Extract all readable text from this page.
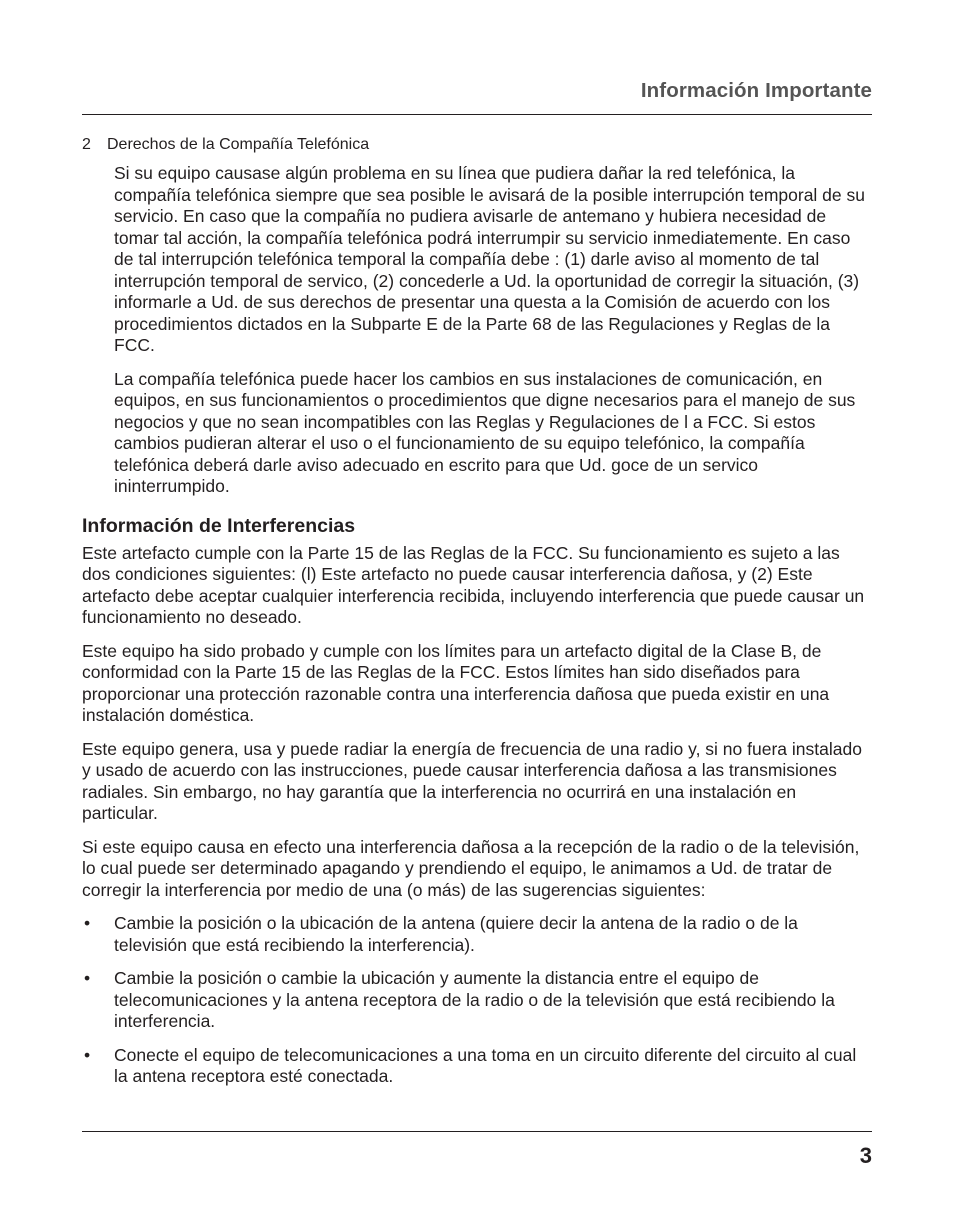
Información Importante
2 Derechos de la Compañía Telefónica

Si su equipo causase algún problema en su línea que pudiera dañar la red telefónica, la compañía telefónica siempre que sea posible le avisará de la posible interrupción temporal de su servicio. En caso que la compañía no pudiera avisarle de antemano y hubiera necesidad de tomar tal acción, la compañía telefónica podrá interrumpir su servicio inmediatemente. En caso de tal interrupción telefónica temporal la compañía debe : (1) darle aviso al momento de tal interrupción temporal de servico, (2) concederle a Ud. la oportunidad de corregir la situación, (3) informarle a Ud. de sus derechos de presentar una questa a la Comisión de acuerdo con los procedimientos dictados en la Subparte E de la Parte 68 de las Regulaciones y Reglas de la FCC.

La compañía telefónica puede hacer los cambios en sus instalaciones de comunicación, en equipos, en sus funcionamientos o procedimientos que digne necesarios para el manejo de sus negocios y que no sean incompatibles con las Reglas y Regulaciones de l a FCC. Si estos cambios pudieran alterar el uso o el funcionamiento de su equipo telefónico, la compañía telefónica deberá darle aviso adecuado en escrito para que Ud. goce de un servico ininterrumpido.

Información de Interferencias

Este artefacto cumple con la Parte 15 de las Reglas de la FCC. Su funcionamiento es sujeto a las dos condiciones siguientes: (l) Este artefacto no puede causar interferencia dañosa, y (2) Este artefacto debe aceptar cualquier interferencia recibida, incluyendo interferencia que puede causar un funcionamiento no deseado.

Este equipo ha sido probado y cumple con los límites para un artefacto digital de la Clase B, de conformidad con la Parte 15 de las Reglas de la FCC. Estos límites han sido diseñados para proporcionar una protección razonable contra una interferencia dañosa que pueda existir en una instalación doméstica.

Este equipo genera, usa y puede radiar la energía de frecuencia de una radio y, si no fuera instalado y usado de acuerdo con las instrucciones, puede causar interferencia dañosa a las transmisiones radiales. Sin embargo, no hay garantía que la interferencia no ocurrirá en una instalación en particular.

Si este equipo causa en efecto una interferencia dañosa a la recepción de la radio o de la televisión, lo cual puede ser determinado apagando y prendiendo el equipo, le animamos a Ud. de tratar de corregir la interferencia por medio de una (o más) de las sugerencias siguientes:

• Cambie la posición o la ubicación de la antena (quiere decir la antena de la radio o de la televisión que está recibiendo la interferencia).
• Cambie la posición o cambie la ubicación y aumente la distancia entre el equipo de telecomunicaciones y la antena receptora de la radio o de la televisión que está recibiendo la interferencia.
• Conecte el equipo de telecomunicaciones a una toma en un circuito diferente del circuito al cual la antena receptora esté conectada.
3
